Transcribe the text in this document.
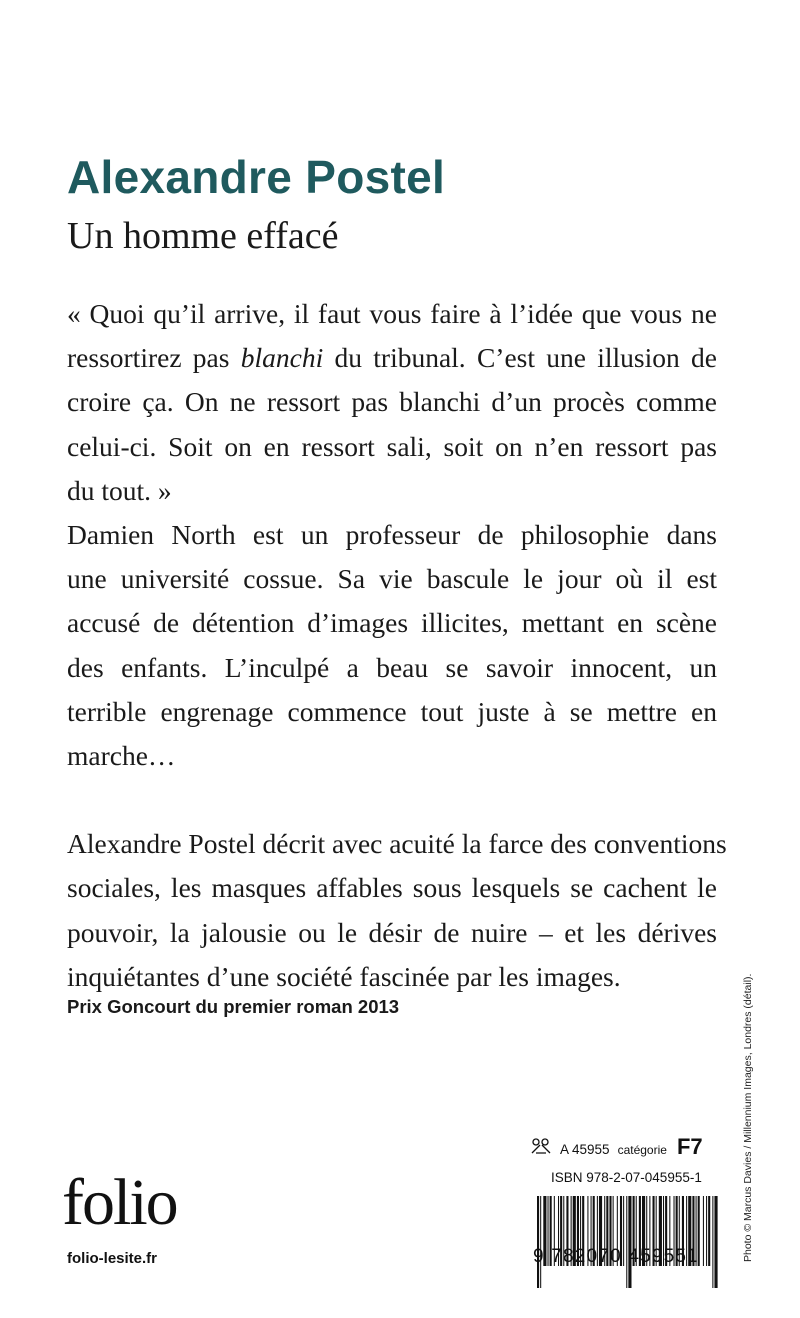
Alexandre Postel
Un homme effacé
« Quoi qu’il arrive, il faut vous faire à l’idée que vous ne
ressortirez pas blanchi du tribunal. C’est une illusion de
croire ça. On ne ressort pas blanchi d’un procès comme
celui-ci. Soit on en ressort sali, soit on n’en ressort pas
du tout. »
Damien North est un professeur de philosophie dans
une université cossue. Sa vie bascule le jour où il est
accusé de détention d’images illicites, mettant en scène
des enfants. L’inculpé a beau se savoir innocent, un
terrible engrenage commence tout juste à se mettre en
marche…
Alexandre Postel décrit avec acuité la farce des conventions
sociales, les masques affables sous lesquels se cachent le
pouvoir, la jalousie ou le désir de nuire – et les dérives
inquiétantes d’une société fascinée par les images.
Prix Goncourt du premier roman 2013
A 45955 catégorie F7
ISBN 978-2-07-045955-1
9 782070 459551
folio
folio-lesite.fr	Photo © Marcus Davies / Millennium Images, Londres (détail).
